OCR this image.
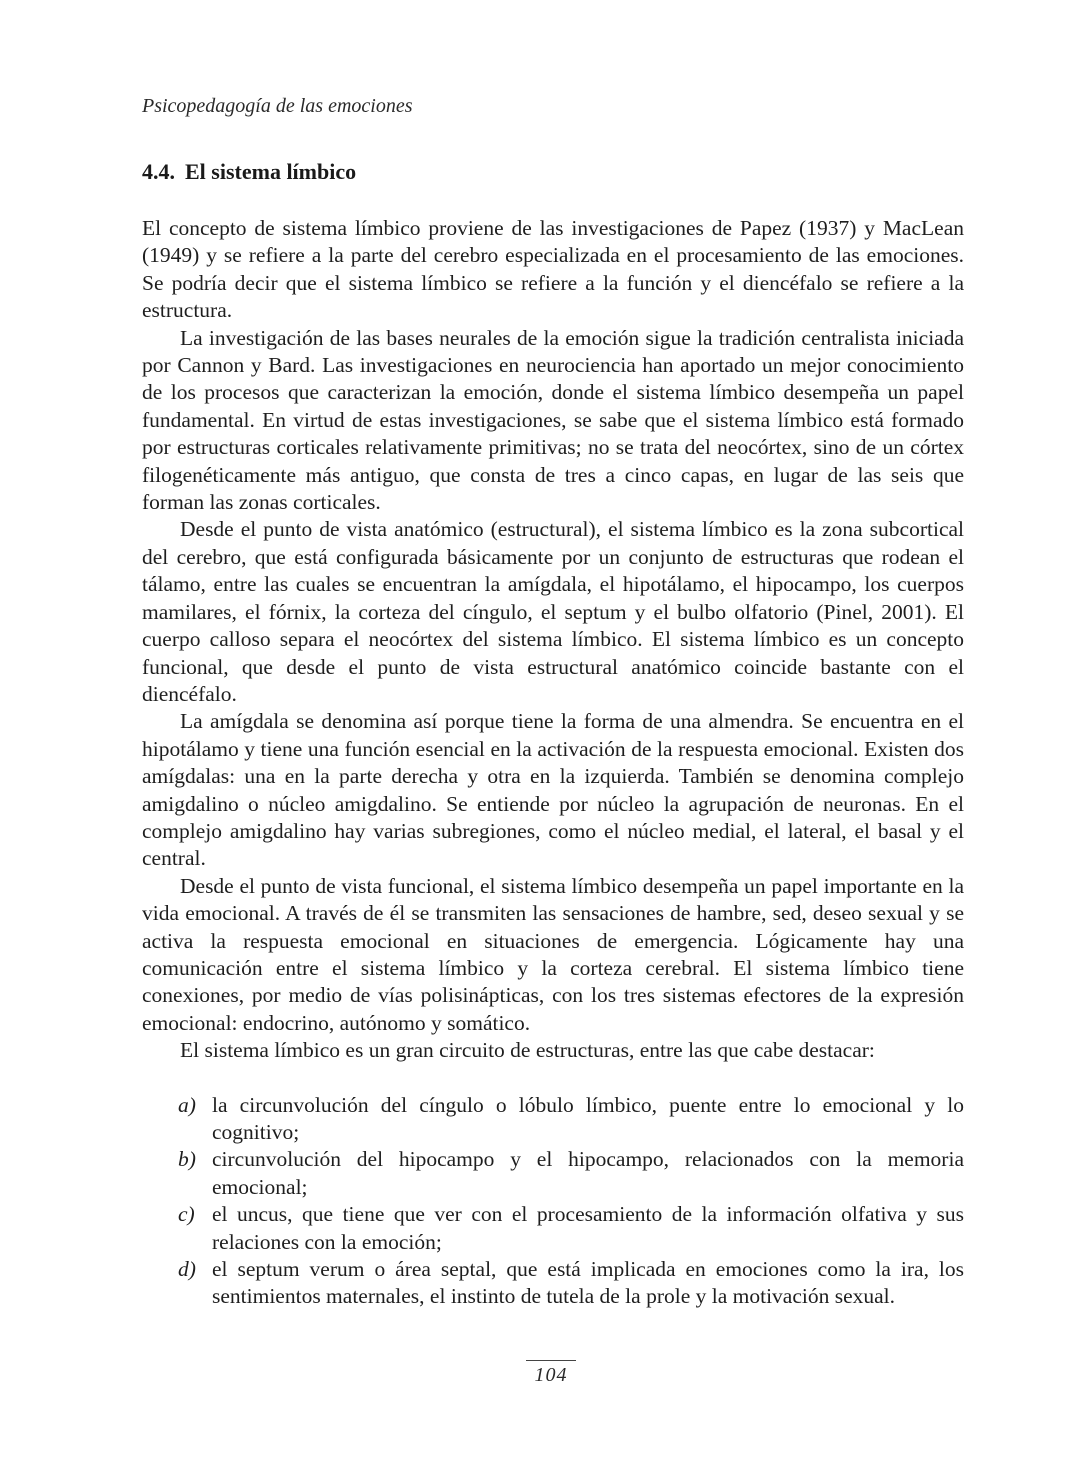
Psicopedagogía de las emociones
4.4. El sistema límbico

El concepto de sistema límbico proviene de las investigaciones de Papez (1937) y MacLean (1949) y se refiere a la parte del cerebro especializada en el procesamiento de las emociones. Se podría decir que el sistema límbico se refiere a la función y el diencéfalo se refiere a la estructura.

La investigación de las bases neurales de la emoción sigue la tradición centralista iniciada por Cannon y Bard. Las investigaciones en neurociencia han aportado un mejor conocimiento de los procesos que caracterizan la emoción, donde el sistema límbico desempeña un papel fundamental. En virtud de estas investigaciones, se sabe que el sistema límbico está formado por estructuras corticales relativamente primitivas; no se trata del neocórtex, sino de un córtex filogenéticamente más antiguo, que consta de tres a cinco capas, en lugar de las seis que forman las zonas corticales.

Desde el punto de vista anatómico (estructural), el sistema límbico es la zona subcortical del cerebro, que está configurada básicamente por un conjunto de estructuras que rodean el tálamo, entre las cuales se encuentran la amígdala, el hipotálamo, el hipocampo, los cuerpos mamilares, el fórnix, la corteza del cíngulo, el septum y el bulbo olfatorio (Pinel, 2001). El cuerpo calloso separa el neocórtex del sistema límbico. El sistema límbico es un concepto funcional, que desde el punto de vista estructural anatómico coincide bastante con el diencéfalo.

La amígdala se denomina así porque tiene la forma de una almendra. Se encuentra en el hipotálamo y tiene una función esencial en la activación de la respuesta emocional. Existen dos amígdalas: una en la parte derecha y otra en la izquierda. También se denomina complejo amigdalino o núcleo amigdalino. Se entiende por núcleo la agrupación de neuronas. En el complejo amigdalino hay varias subregiones, como el núcleo medial, el lateral, el basal y el central.

Desde el punto de vista funcional, el sistema límbico desempeña un papel importante en la vida emocional. A través de él se transmiten las sensaciones de hambre, sed, deseo sexual y se activa la respuesta emocional en situaciones de emergencia. Lógicamente hay una comunicación entre el sistema límbico y la corteza cerebral. El sistema límbico tiene conexiones, por medio de vías polisinápticas, con los tres sistemas efectores de la expresión emocional: endocrino, autónomo y somático.

El sistema límbico es un gran circuito de estructuras, entre las que cabe destacar:

a) la circunvolución del cíngulo o lóbulo límbico, puente entre lo emocional y lo cognitivo;
b) circunvolución del hipocampo y el hipocampo, relacionados con la memoria emocional;
c) el uncus, que tiene que ver con el procesamiento de la información olfativa y sus relaciones con la emoción;
d) el septum verum o área septal, que está implicada en emociones como la ira, los sentimientos maternales, el instinto de tutela de la prole y la motivación sexual.
104
